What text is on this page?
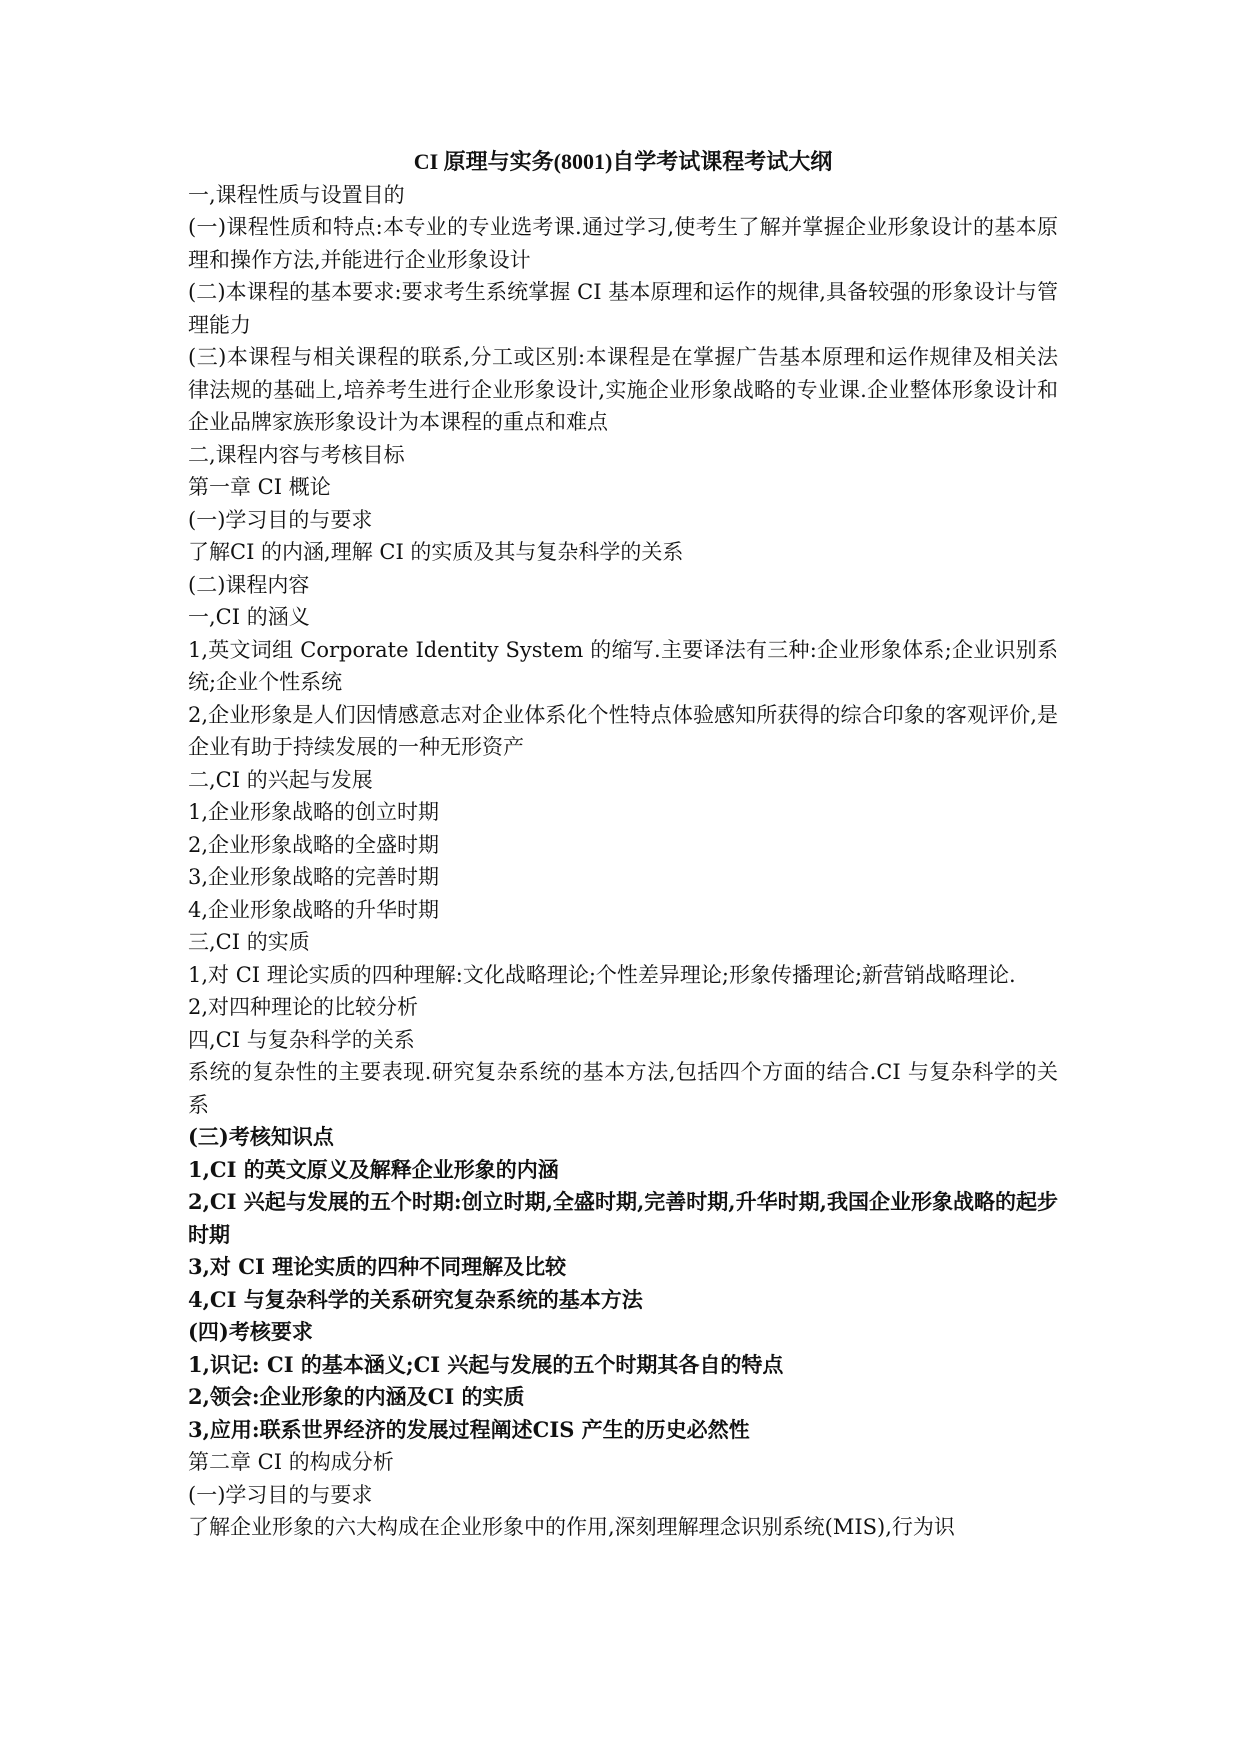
CI 原理与实务(8001)自学考试课程考试大纲

一,课程性质与设置目的

(一)课程性质和特点:本专业的专业选考课.通过学习,使考生了解并掌握企业形象设计的基本原理和操作方法,并能进行企业形象设计

(二)本课程的基本要求:要求考生系统掌握 CI 基本原理和运作的规律,具备较强的形象设计与管理能力

(三)本课程与相关课程的联系,分工或区别:本课程是在掌握广告基本原理和运作规律及相关法律法规的基础上,培养考生进行企业形象设计,实施企业形象战略的专业课.企业整体形象设计和企业品牌家族形象设计为本课程的重点和难点

二,课程内容与考核目标

第一章 CI 概论

(一)学习目的与要求

了解CI 的内涵,理解 CI 的实质及其与复杂科学的关系

(二)课程内容

一,CI 的涵义

1,英文词组 Corporate Identity System 的缩写.主要译法有三种:企业形象体系;企业识别系统;企业个性系统

2,企业形象是人们因情感意志对企业体系化个性特点体验感知所获得的综合印象的客观评价,是企业有助于持续发展的一种无形资产

二,CI 的兴起与发展

1,企业形象战略的创立时期

2,企业形象战略的全盛时期

3,企业形象战略的完善时期

4,企业形象战略的升华时期

三,CI 的实质

1,对 CI 理论实质的四种理解:文化战略理论;个性差异理论;形象传播理论;新营销战略理论.

2,对四种理论的比较分析

四,CI 与复杂科学的关系

系统的复杂性的主要表现.研究复杂系统的基本方法,包括四个方面的结合.CI 与复杂科学的关系

(三)考核知识点

1,CI 的英文原义及解释企业形象的内涵

2,CI 兴起与发展的五个时期:创立时期,全盛时期,完善时期,升华时期,我国企业形象战略的起步时期

3,对 CI 理论实质的四种不同理解及比较

4,CI 与复杂科学的关系研究复杂系统的基本方法

(四)考核要求

1,识记: CI 的基本涵义;CI 兴起与发展的五个时期其各自的特点

2,领会:企业形象的内涵及CI 的实质

3,应用:联系世界经济的发展过程阐述CIS 产生的历史必然性

第二章 CI 的构成分析

(一)学习目的与要求

了解企业形象的六大构成在企业形象中的作用,深刻理解理念识别系统(MIS),行为识
